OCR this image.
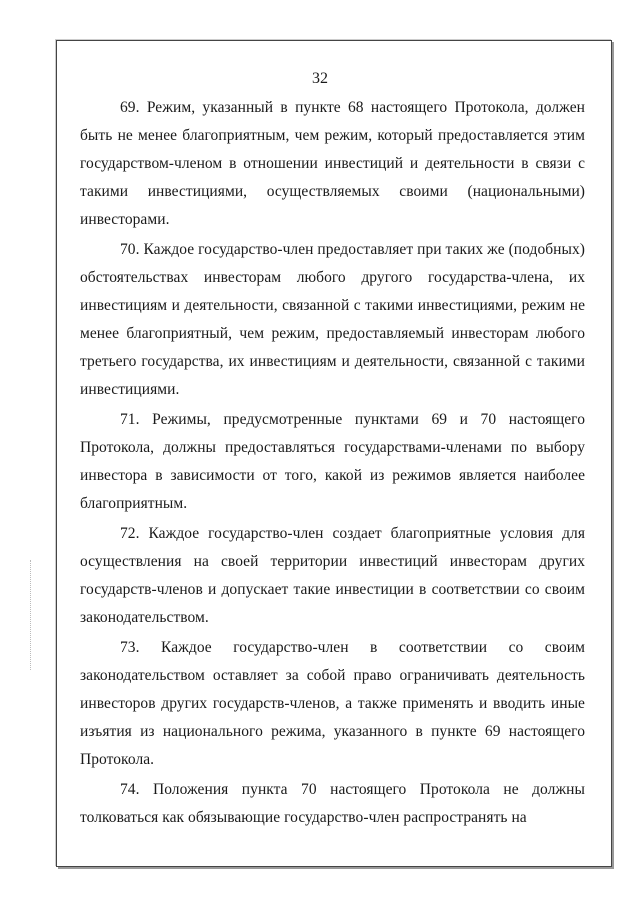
32

69. Режим, указанный в пункте 68 настоящего Протокола, должен быть не менее благоприятным, чем режим, который предоставляется этим государством-членом в отношении инвестиций и деятельности в связи с такими инвестициями, осуществляемых своими (национальными) инвесторами.

70. Каждое государство-член предоставляет при таких же (подобных) обстоятельствах инвесторам любого другого государства-члена, их инвестициям и деятельности, связанной с такими инвестициями, режим не менее благоприятный, чем режим, предоставляемый инвесторам любого третьего государства, их инвестициям и деятельности, связанной с такими инвестициями.

71. Режимы, предусмотренные пунктами 69 и 70 настоящего Протокола, должны предоставляться государствами-членами по выбору инвестора в зависимости от того, какой из режимов является наиболее благоприятным.

72. Каждое государство-член создает благоприятные условия для осуществления на своей территории инвестиций инвесторам других государств-членов и допускает такие инвестиции в соответствии со своим законодательством.

73. Каждое государство-член в соответствии со своим законодательством оставляет за собой право ограничивать деятельность инвесторов других государств-членов, а также применять и вводить иные изъятия из национального режима, указанного в пункте 69 настоящего Протокола.

74. Положения пункта 70 настоящего Протокола не должны толковаться как обязывающие государство-член распространять на
